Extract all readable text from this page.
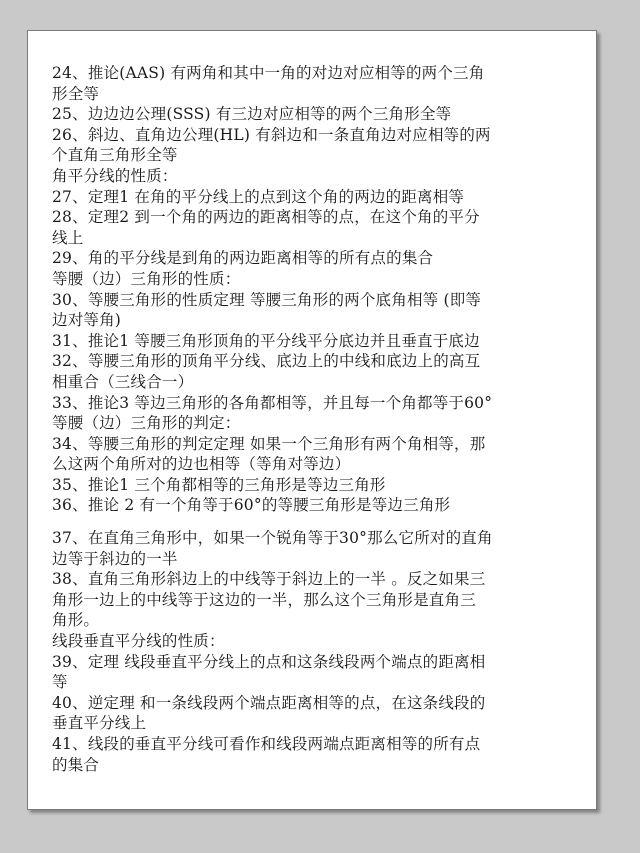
24、推论(AAS) 有两角和其中一角的对边对应相等的两个三角
形全等
25、边边边公理(SSS) 有三边对应相等的两个三角形全等
26、斜边、直角边公理(HL) 有斜边和一条直角边对应相等的两
个直角三角形全等
角平分线的性质：
27、定理1 在角的平分线上的点到这个角的两边的距离相等
28、定理2 到一个角的两边的距离相等的点，在这个角的平分
线上
29、角的平分线是到角的两边距离相等的所有点的集合
等腰（边）三角形的性质：
30、等腰三角形的性质定理 等腰三角形的两个底角相等 (即等
边对等角)
31、推论1 等腰三角形顶角的平分线平分底边并且垂直于底边
32、等腰三角形的顶角平分线、底边上的中线和底边上的高互
相重合（三线合一）
33、推论3 等边三角形的各角都相等，并且每一个角都等于60°
等腰（边）三角形的判定：
34、等腰三角形的判定定理 如果一个三角形有两个角相等，那
么这两个角所对的边也相等（等角对等边）
35、推论1 三个角都相等的三角形是等边三角形
36、推论 2 有一个角等于60°的等腰三角形是等边三角形
37、在直角三角形中，如果一个锐角等于30°那么它所对的直角
边等于斜边的一半
38、直角三角形斜边上的中线等于斜边上的一半 。反之如果三
角形一边上的中线等于这边的一半，那么这个三角形是直角三
角形。
线段垂直平分线的性质：
39、定理 线段垂直平分线上的点和这条线段两个端点的距离相
等
40、逆定理 和一条线段两个端点距离相等的点，在这条线段的
垂直平分线上
41、线段的垂直平分线可看作和线段两端点距离相等的所有点
的集合
